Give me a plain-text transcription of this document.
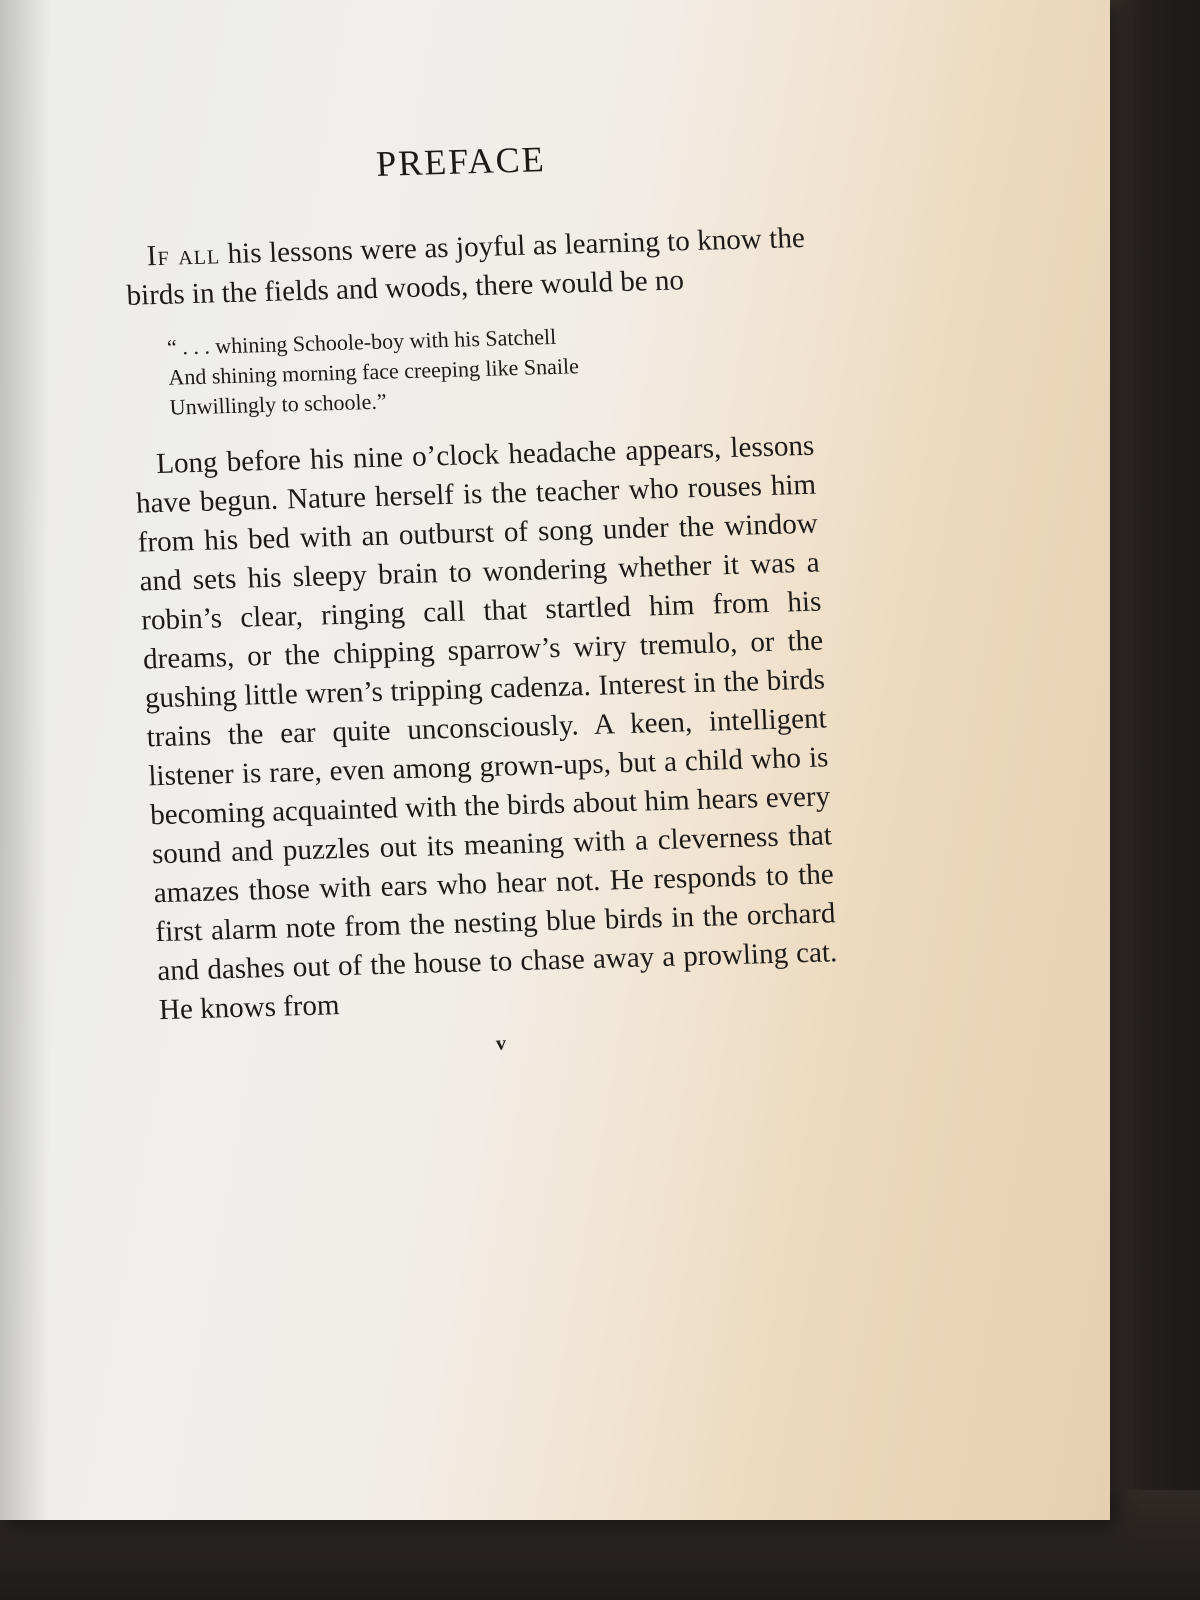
PREFACE

If all his lessons were as joyful as learning to know the birds in the fields and woods, there would be no

“ . . . whining Schoole-boy with his Satchell
And shining morning face creeping like Snaile
Unwillingly to schoole.”

Long before his nine o’clock headache appears, lessons have begun. Nature herself is the teacher who rouses him from his bed with an outburst of song under the window and sets his sleepy brain to wondering whether it was a robin’s clear, ringing call that startled him from his dreams, or the chipping sparrow’s wiry tremulo, or the gushing little wren’s tripping cadenza. Interest in the birds trains the ear quite unconsciously. A keen, intelligent listener is rare, even among grown-ups, but a child who is becoming acquainted with the birds about him hears every sound and puzzles out its meaning with a cleverness that amazes those with ears who hear not. He responds to the first alarm note from the nesting blue birds in the orchard and dashes out of the house to chase away a prowling cat. He knows from

v
